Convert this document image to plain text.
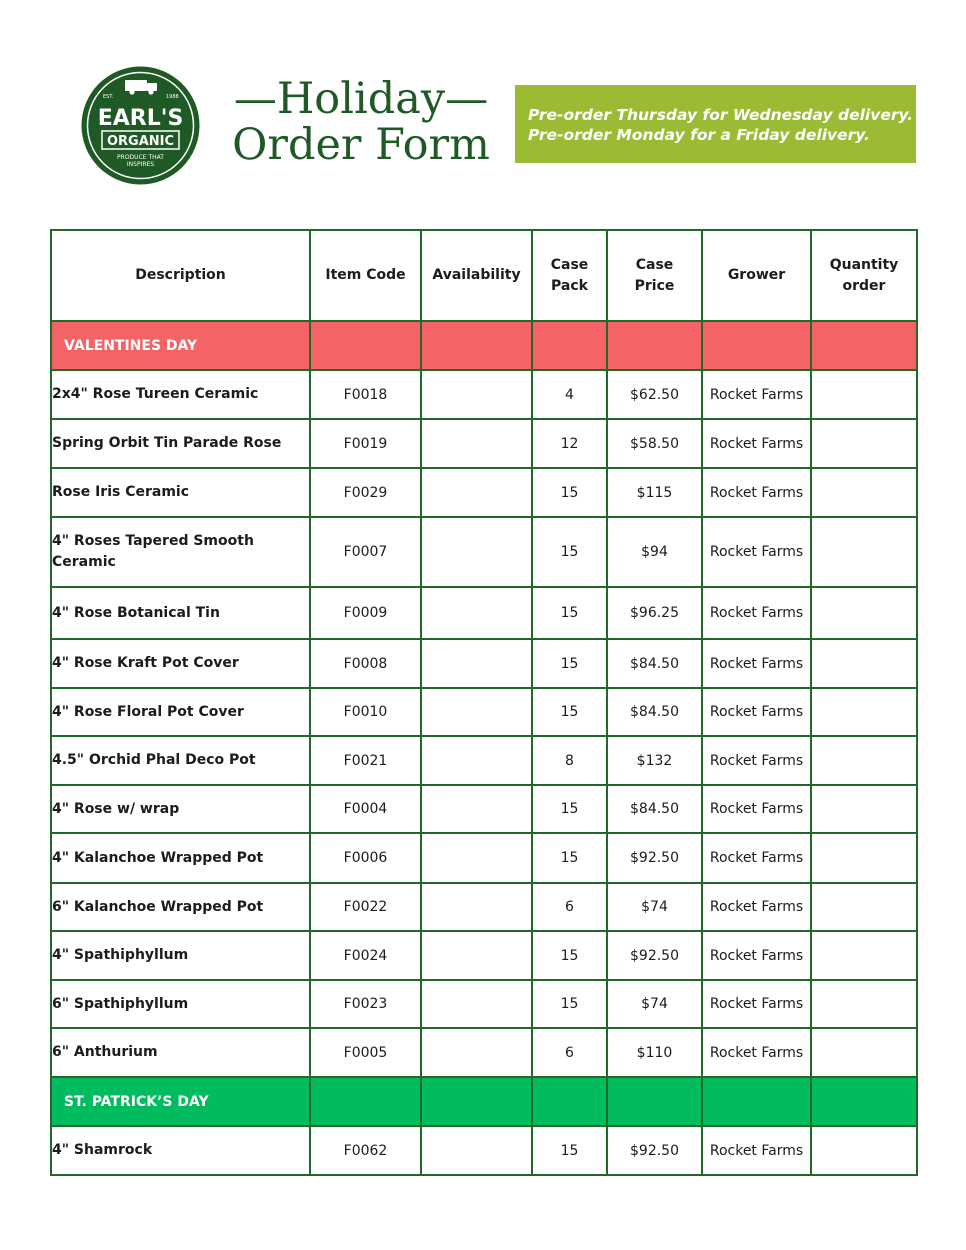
EST.	1988
EARL'S
ORGANIC
PRODUCE THAT
INSPIRES
—Holiday—
Order Form
Pre-order Thursday for Wednesday delivery.
Pre-order Monday for a Friday delivery.
Description	Item Code	Availability	Case Pack	Case Price	Grower	Quantity order

VALENTINES DAY						
2x4" Rose Tureen Ceramic	F0018		4	$62.50	Rocket Farms	
Spring Orbit Tin Parade Rose	F0019		12	$58.50	Rocket Farms	
Rose Iris Ceramic	F0029		15	$115	Rocket Farms	
4" Roses Tapered Smooth Ceramic	F0007		15	$94	Rocket Farms	
4" Rose Botanical Tin	F0009		15	$96.25	Rocket Farms	
4" Rose Kraft Pot Cover	F0008		15	$84.50	Rocket Farms	
4" Rose Floral Pot Cover	F0010		15	$84.50	Rocket Farms	
4.5" Orchid Phal Deco Pot	F0021		8	$132	Rocket Farms	
4" Rose w/ wrap	F0004		15	$84.50	Rocket Farms	
4" Kalanchoe Wrapped Pot	F0006		15	$92.50	Rocket Farms	
6" Kalanchoe Wrapped Pot	F0022		6	$74	Rocket Farms	
4" Spathiphyllum	F0024		15	$92.50	Rocket Farms	
6" Spathiphyllum	F0023		15	$74	Rocket Farms	
6" Anthurium	F0005		6	$110	Rocket Farms	
ST. PATRICK’S DAY						
4" Shamrock	F0062		15	$92.50	Rocket Farms	
